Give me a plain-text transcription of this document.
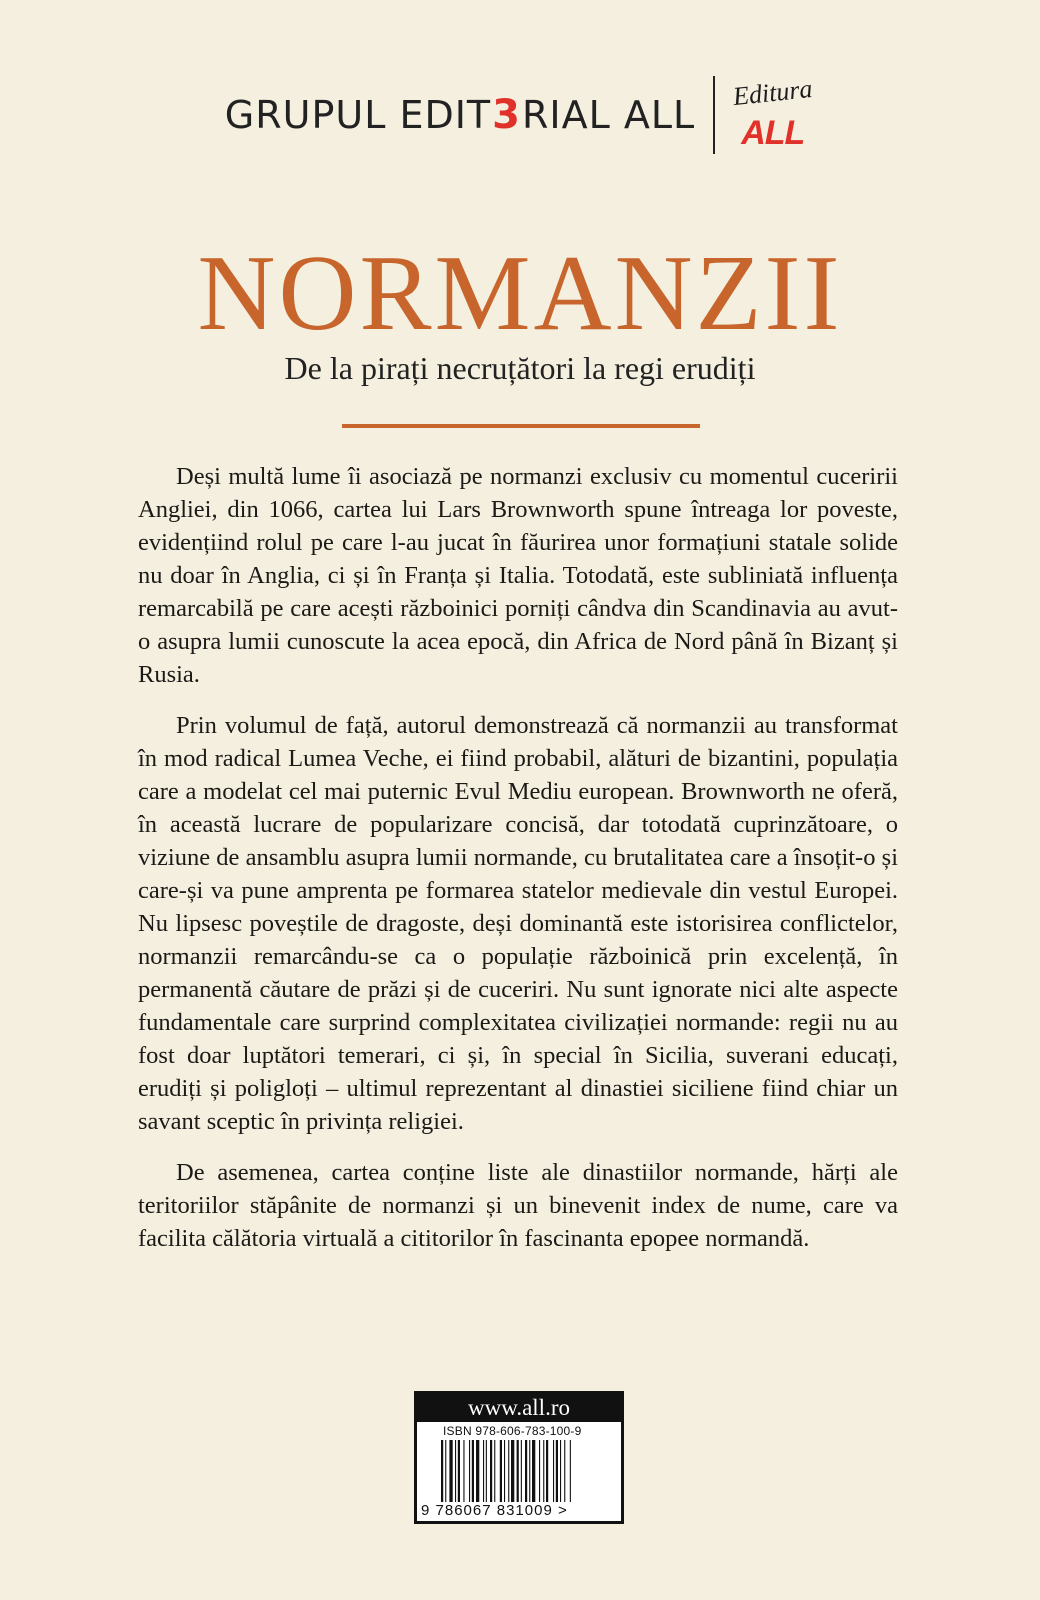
GRUPUL EDIT 3 RIAL ALL
Editura
ALL
NORMANZII
De la pirați necruțători la regi erudiți

Deși multă lume îi asociază pe normanzi exclusiv cu momentul cuceririi Angliei, din 1066, cartea lui Lars Brownworth spune întreaga lor poveste, evidențiind rolul pe care l-au jucat în făurirea unor formațiuni statale solide nu doar în Anglia, ci și în Franța și Italia. Totodată, este subliniată influența remarcabilă pe care acești războinici porniți cândva din Scandinavia au avut-o asupra lumii cunoscute la acea epocă, din Africa de Nord până în Bizanț și Rusia.

Prin volumul de față, autorul demonstrează că normanzii au transformat în mod radical Lumea Veche, ei fiind probabil, alături de bizantini, populația care a modelat cel mai puternic Evul Mediu european. Brownworth ne oferă, în această lucrare de popularizare concisă, dar totodată cuprinzătoare, o viziune de ansamblu asupra lumii normande, cu brutalitatea care a însoțit-o și care-și va pune amprenta pe formarea statelor medievale din vestul Europei. Nu lipsesc poveștile de dragoste, deși dominantă este istorisirea conflictelor, normanzii remarcându-se ca o populație războinică prin excelență, în permanentă căutare de prăzi și de cuceriri. Nu sunt ignorate nici alte aspecte fundamentale care surprind complexitatea civilizației normande: regii nu au fost doar luptători temerari, ci și, în special în Sicilia, suverani educați, erudiți și poligloți – ultimul reprezentant al dinastiei siciliene fiind chiar un savant sceptic în privința religiei.

De asemenea, cartea conține liste ale dinastiilor normande, hărți ale teritoriilor stăpânite de normanzi și un binevenit index de nume, care va facilita călătoria virtuală a cititorilor în fascinanta epopee normandă.

www.all.ro
ISBN 978-606-783-100-9
9 786067 831009 >
